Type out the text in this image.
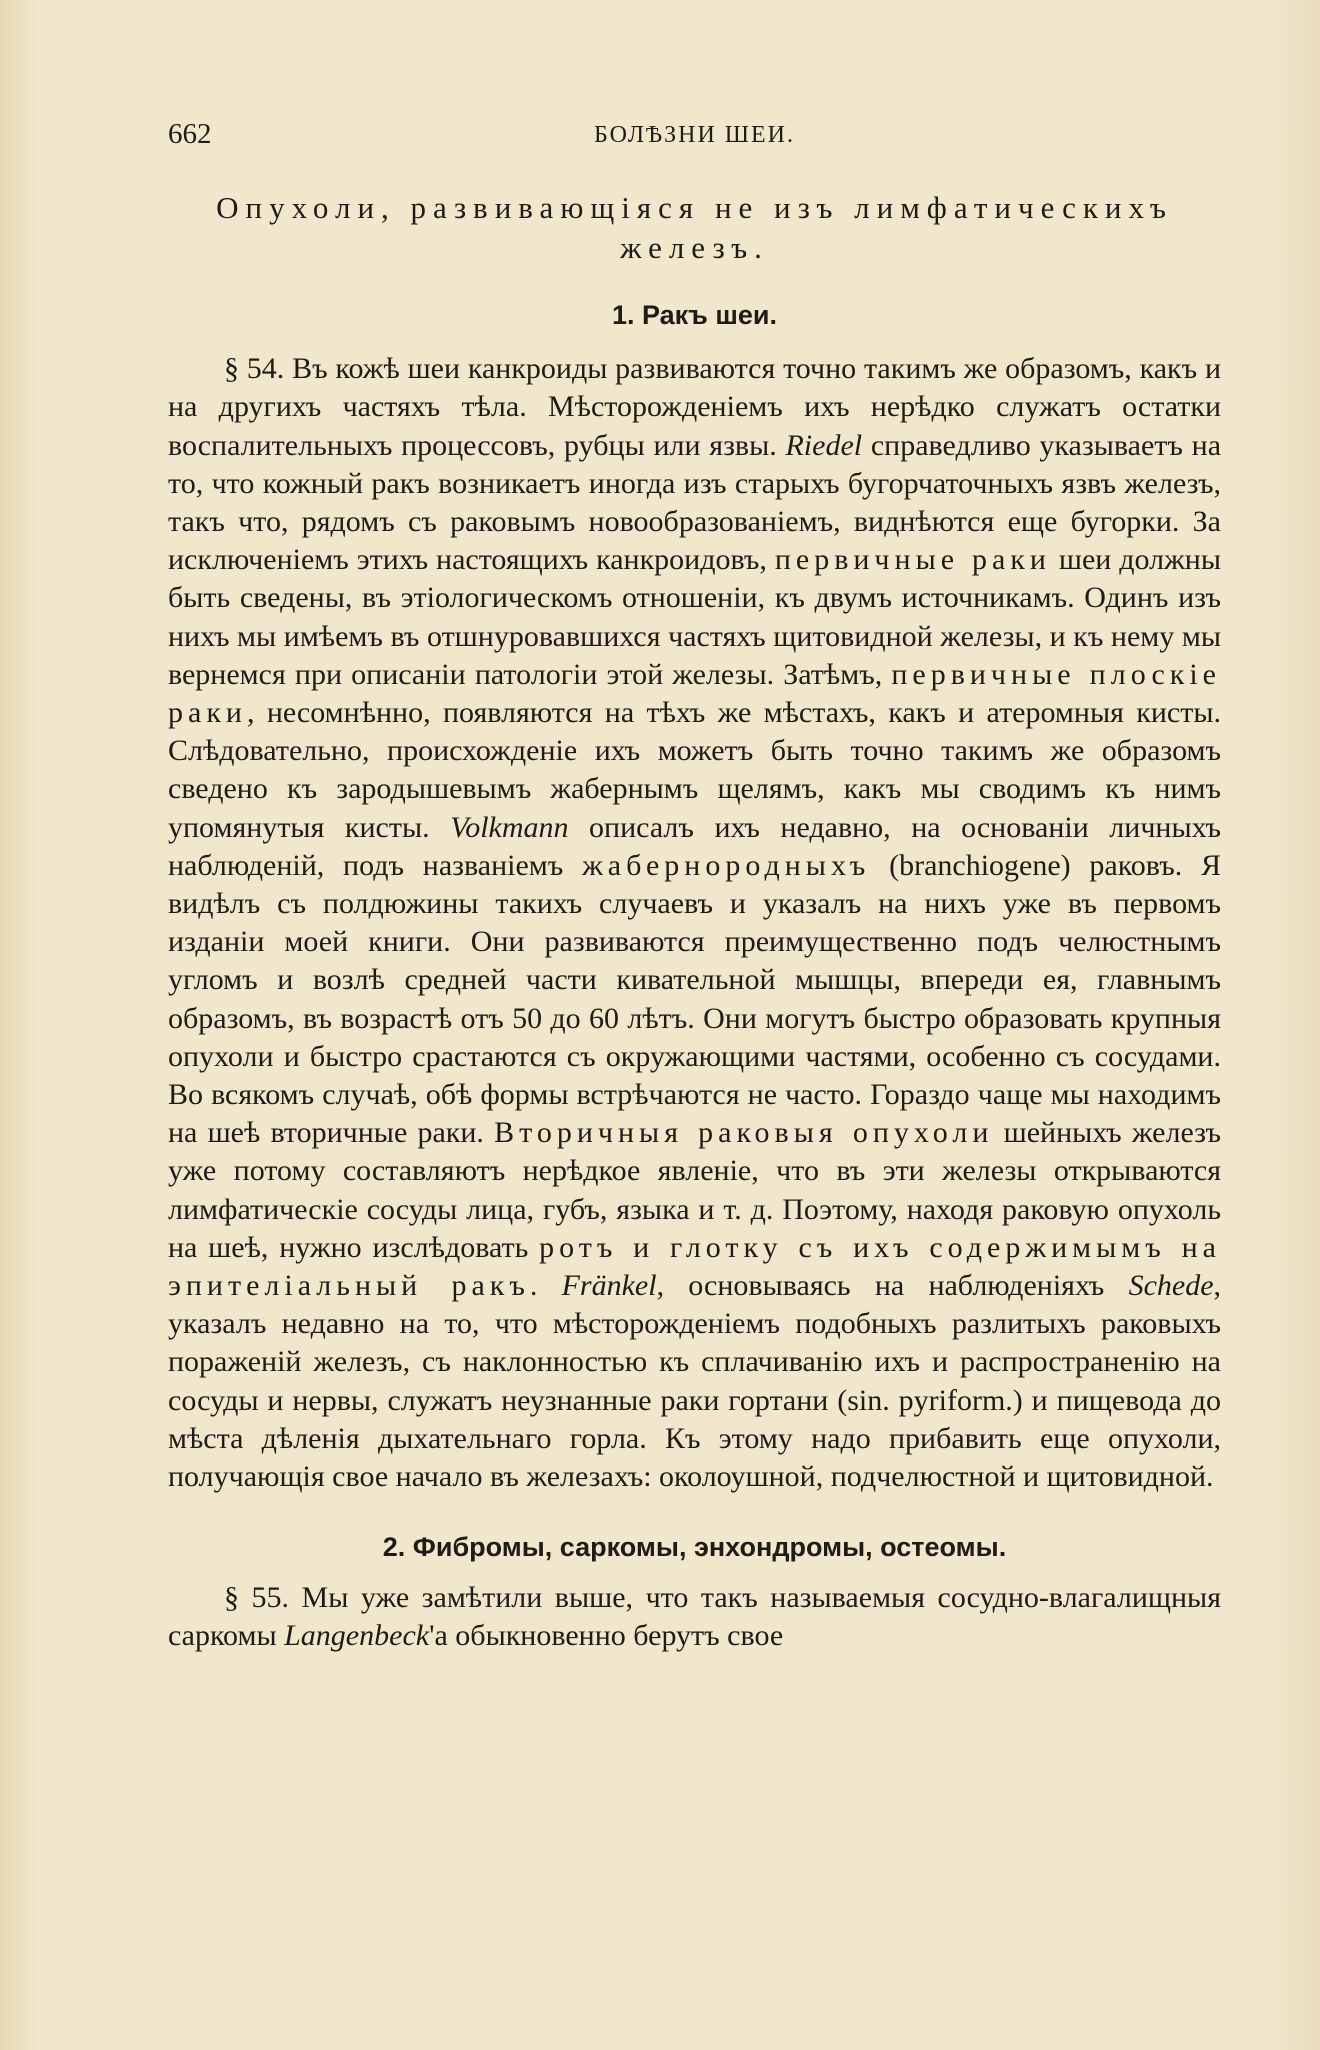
662	БОЛѢЗНИ ШЕИ.

Опухоли, развивающіяся не изъ лимфатическихъ
железъ.

1. Ракъ шеи.

§ 54. Въ кожѣ шеи канкроиды развиваются точно такимъ же образомъ, какъ и на другихъ частяхъ тѣла. Мѣсторожденіемъ ихъ нерѣдко служатъ остатки воспалительныхъ процессовъ, рубцы или язвы. Riedel справедливо указываетъ на то, что кожный ракъ возникаетъ иногда изъ старыхъ бугорчаточныхъ язвъ железъ, такъ что, рядомъ съ раковымъ новообразованіемъ, виднѣются еще бугорки. За исключеніемъ этихъ настоящихъ канкроидовъ, первичные раки шеи должны быть сведены, въ этіологическомъ отношеніи, къ двумъ источникамъ. Одинъ изъ нихъ мы имѣемъ въ отшнуровавшихся частяхъ щитовидной железы, и къ нему мы вернемся при описаніи патологіи этой железы. Затѣмъ, первичные плоскіе раки, несомнѣнно, появляются на тѣхъ же мѣстахъ, какъ и атеромныя кисты. Слѣдовательно, происхожденіе ихъ можетъ быть точно такимъ же образомъ сведено къ зародышевымъ жабернымъ щелямъ, какъ мы сводимъ къ нимъ упомянутыя кисты. Volkmann описалъ ихъ недавно, на основаніи личныхъ наблюденій, подъ названіемъ жабернородныхъ (branchiogene) раковъ. Я видѣлъ съ полдюжины такихъ случаевъ и указалъ на нихъ уже въ первомъ изданіи моей книги. Они развиваются преимущественно подъ челюстнымъ угломъ и возлѣ средней части кивательной мышцы, впереди ея, главнымъ образомъ, въ возрастѣ отъ 50 до 60 лѣтъ. Они могутъ быстро образовать крупныя опухоли и быстро срастаются съ окружающими частями, особенно съ сосудами. Во всякомъ случаѣ, обѣ формы встрѣчаются не часто. Гораздо чаще мы находимъ на шеѣ вторичные раки. Вторичныя раковыя опухоли шейныхъ железъ уже потому составляютъ нерѣдкое явленіе, что въ эти железы открываются лимфатическіе сосуды лица, губъ, языка и т. д. Поэтому, находя раковую опухоль на шеѣ, нужно изслѣдовать ротъ и глотку съ ихъ содержимымъ на эпителіальный ракъ. Fränkel, основываясь на наблюденіяхъ Schede, указалъ недавно на то, что мѣсторожденіемъ подобныхъ разлитыхъ раковыхъ пораженій железъ, съ наклонностью къ сплачиванію ихъ и распространенію на сосуды и нервы, служатъ неузнанные раки гортани (sin. pyriform.) и пищевода до мѣста дѣленія дыхательнаго горла. Къ этому надо прибавить еще опухоли, получающія свое начало въ железахъ: околоушной, подчелюстной и щитовидной.

2. Фибромы, саркомы, энхондромы, остеомы.

§ 55. Мы уже замѣтили выше, что такъ называемыя сосудно-влагалищныя саркомы Langenbeck'а обыкновенно берутъ свое
